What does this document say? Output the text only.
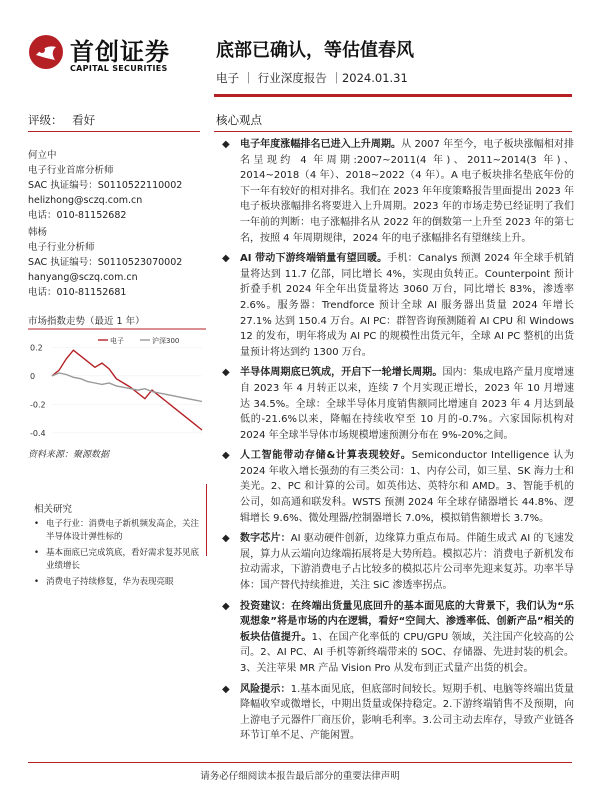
首创证券
CAPITAL SECURITIES
底部已确认，等估值春风
电子 ｜ 行业深度报告 ｜2024.01.31
评级： 看好	核心观点
何立中
电子行业首席分析师
SAC 执证编号：S0110522110002
helizhong@sczq.com.cn
电话：010-81152682
韩杨
电子行业分析师
SAC 执证编号：S0110523070002
hanyang@sczq.com.cn
电话：010-81152681
市场指数走势（最近 1 年）
0.2
0
-0.2
-0.4
电子	沪深300
资料来源：聚源数据
相关研究
• 电子行业：消费电子新机频发高企，关注半导体设计弹性标的
• 基本面底已完成筑底，看好需求复苏见底业绩增长
• 消费电子持续修复，华为表现亮眼
◆ 电子年度涨幅排名已进入上升周期。从 2007 年至今，电子板块涨幅相对排名呈现约 4 年周期:2007~2011(4 年)、2011~2014(3 年)、2014~2018（4 年）、2018~2022（4 年）。A 电子板块排名垫底年份的下一年有较好的相对排名。我们在 2023 年年度策略报告里面提出 2023 年电子板块涨幅排名将要进入上升周期。2023 年的市场走势已经证明了我们一年前的判断：电子涨幅排名从 2022 年的倒数第一上升至 2023 年的第七名，按照 4 年周期规律，2024 年的电子涨幅排名有望继续上升。
◆ AI 带动下游终端销量有望回暖。手机：Canalys 预测 2024 年全球手机销量将达到 11.7 亿部，同比增长 4%，实现由负转正。Counterpoint 预计折叠手机 2024 年全年出货量将达 3060 万台，同比增长 83%，渗透率 2.6%。服务器：Trendforce 预计全球 AI 服务器出货量 2024 年增长 27.1% 达到 150.4 万台。AI PC：群智咨询预测随着 AI CPU 和 Windows 12 的发布，明年将成为 AI PC 的规模性出货元年，全球 AI PC 整机的出货量预计将达到约 1300 万台。
◆ 半导体周期底已筑成，开启下一轮增长周期。国内：集成电路产量月度增速自 2023 年 4 月转正以来，连续 7 个月实现正增长，2023 年 10 月增速达 34.5%。全球：全球半导体月度销售额同比增速自 2023 年 4 月达到最低的-21.6%以来，降幅在持续收窄至 10 月的-0.7%。六家国际机构对 2024 年全球半导体市场规模增速预测分布在 9%-20%之间。
◆ 人工智能带动存储&计算表现较好。Semiconductor Intelligence 认为 2024 年收入增长强劲的有三类公司：1、内存公司，如三星、SK 海力士和美光。2、PC 和计算的公司。如英伟达、英特尔和 AMD。3、智能手机的公司，如高通和联发科。WSTS 预测 2024 年全球存储器增长 44.8%、逻辑增长 9.6%、微处理器/控制器增长 7.0%，模拟销售额增长 3.7%。
◆ 数字芯片：AI 驱动硬件创新，边缘算力重点布局。伴随生成式 AI 的飞速发展，算力从云端向边缘端拓展将是大势所趋。模拟芯片：消费电子新机发布拉动需求，下游消费电子占比较多的模拟芯片公司率先迎来复苏。功率半导体：国产替代持续推进，关注 SiC 渗透率拐点。
◆ 投资建议：在终端出货量见底回升的基本面见底的大背景下，我们认为“乐观想象”将是市场的内在逻辑，看好“空间大、渗透率低、创新产品”相关的板块估值提升。1、在国产化率低的 CPU/GPU 领域，关注国产化较高的公司。2、AI PC、AI 手机等新终端带来的 SOC、存储器、先进封装的机会。3、关注苹果 MR 产品 Vision Pro 从发布到正式量产出货的机会。
◆ 风险提示：1.基本面见底，但底部时间较长。短期手机、电脑等终端出货量降幅收窄或微增长，中期出货量或保持稳定。2.下游终端销售不及预期，向上游电子元器件厂商压价，影响毛利率。3.公司主动去库存，导致产业链各环节订单不足、产能闲置。
请务必仔细阅读本报告最后部分的重要法律声明
